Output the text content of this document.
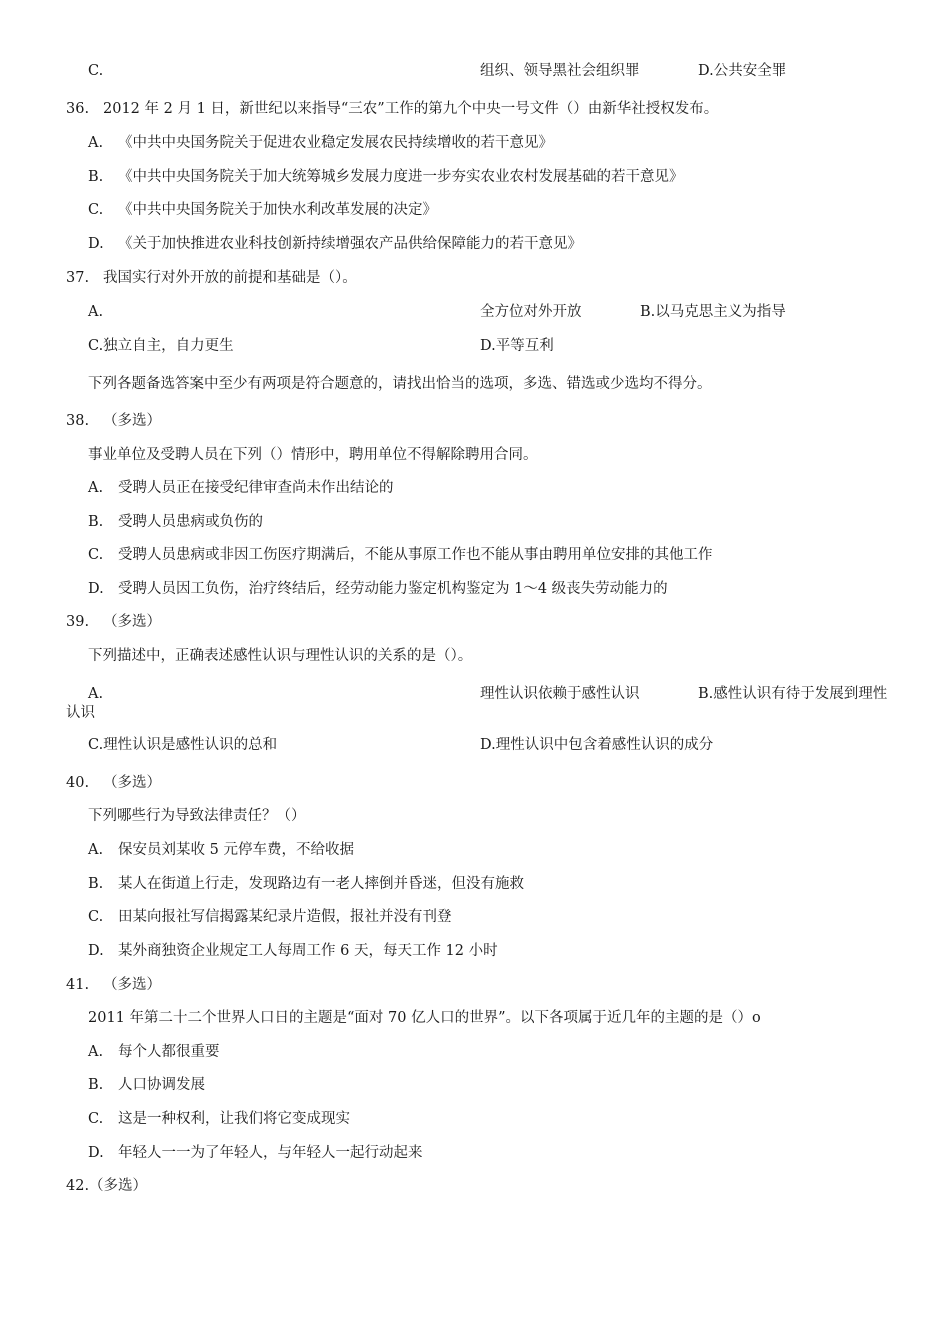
C.	组织、领导黑社会组织罪	D.公共安全罪
36. 2012 年 2 月 1 日，新世纪以来指导“三农”工作的第九个中央一号文件（）由新华社授权发布。
A. 《中共中央国务院关于促进农业稳定发展农民持续增收的若干意见》
B. 《中共中央国务院关于加大统筹城乡发展力度进一步夯实农业农村发展基础的若干意见》
C. 《中共中央国务院关于加快水利改革发展的决定》
D. 《关于加快推进农业科技创新持续增强农产品供给保障能力的若干意见》
37. 我国实行对外开放的前提和基础是（）。
A.	全方位对外开放	B.以马克思主义为指导
C.独立自主，自力更生	D.平等互利
下列各题备选答案中至少有两项是符合题意的，请找出恰当的选项，多选、错选或少选均不得分。
38. （多选）
事业单位及受聘人员在下列（）情形中，聘用单位不得解除聘用合同。
A. 受聘人员正在接受纪律审查尚未作出结论的
B. 受聘人员患病或负伤的
C. 受聘人员患病或非因工伤医疗期满后，不能从事原工作也不能从事由聘用单位安排的其他工作
D. 受聘人员因工负伤，治疗终结后，经劳动能力鉴定机构鉴定为 1〜4 级丧失劳动能力的
39. （多选）
下列描述中，正确表述感性认识与理性认识的关系的是（）。
A.	理性认识依赖于感性认识	B.感性认识有待于发展到理性
认识
C.理性认识是感性认识的总和	D.理性认识中包含着感性认识的成分
40. （多选）
下列哪些行为导致法律责任？（）
A. 保安员刘某收 5 元停车费，不给收据
B. 某人在街道上行走，发现路边有一老人摔倒并昏迷，但没有施救
C. 田某向报社写信揭露某纪录片造假，报社并没有刊登
D. 某外商独资企业规定工人每周工作 6 天，每天工作 12 小时
41. （多选）
2011 年第二十二个世界人口日的主题是“面对 70 亿人口的世界”。以下各项属于近几年的主题的是（）o
A. 每个人都很重要
B. 人口协调发展
C. 这是一种权利，让我们将它变成现实
D. 年轻人一一为了年轻人，与年轻人一起行动起来
42.（多选）
